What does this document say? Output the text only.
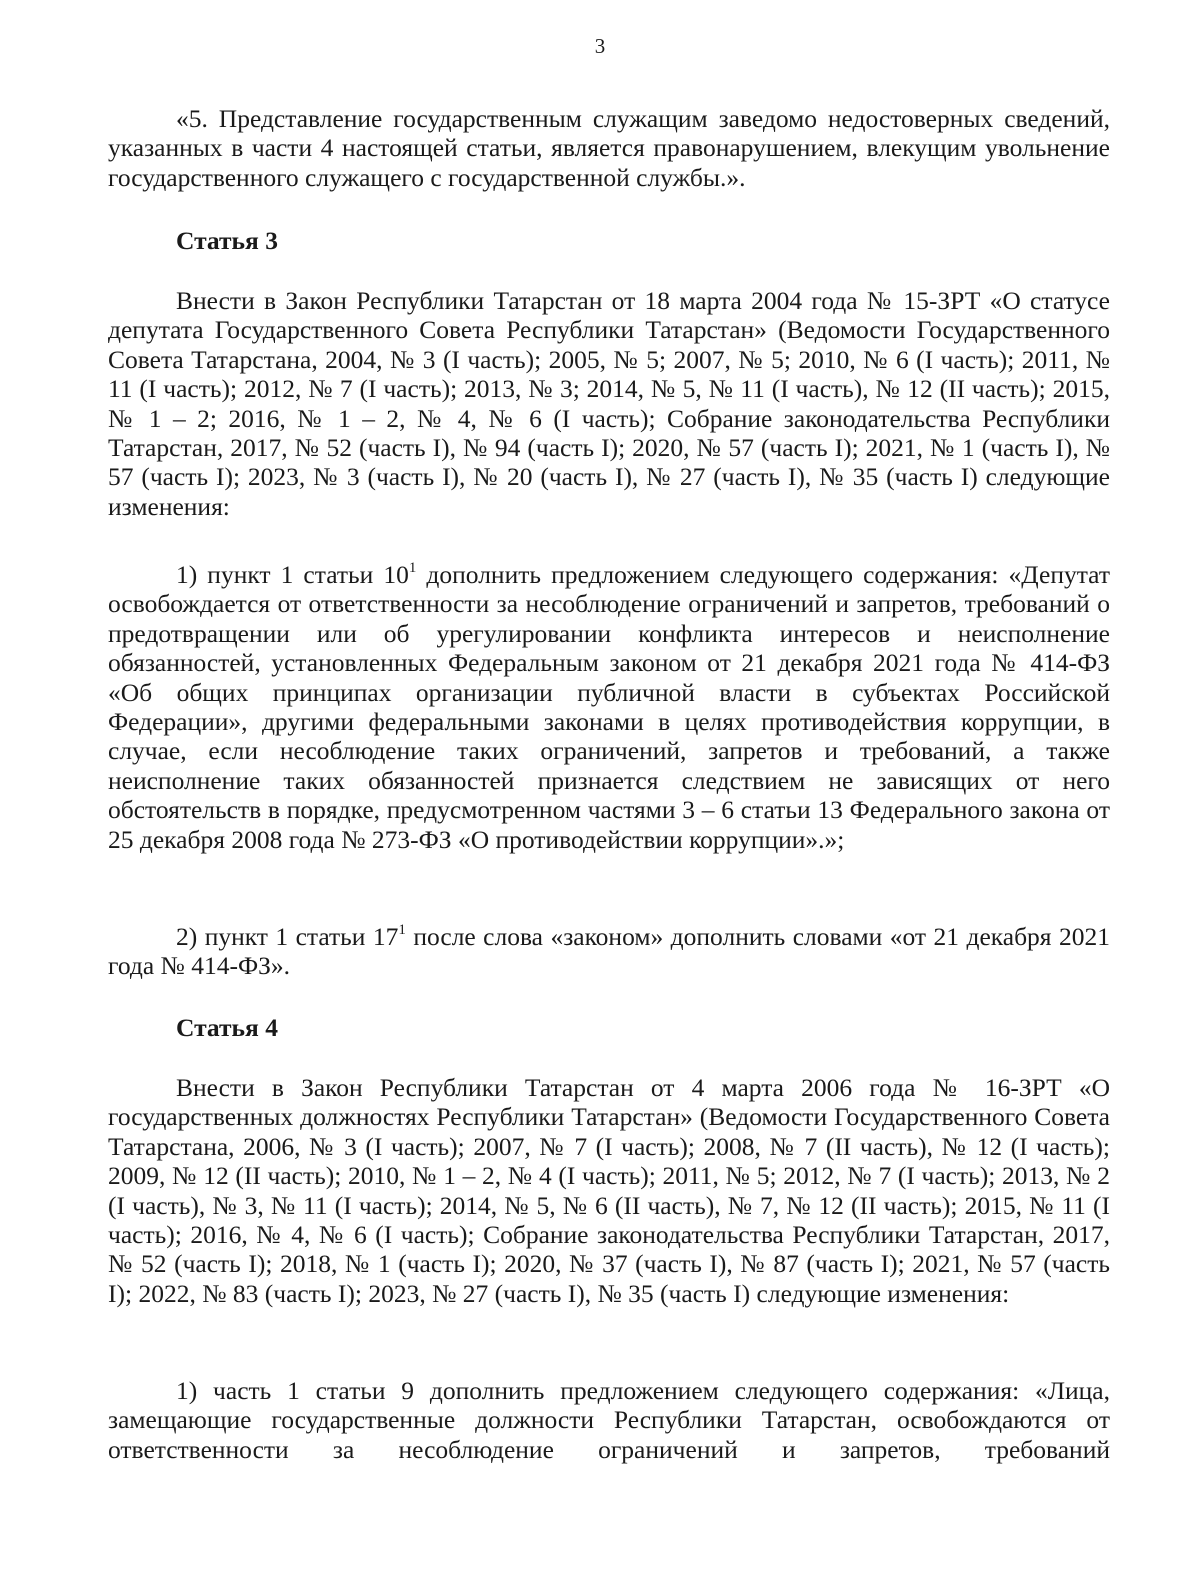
3

«5. Представление государственным служащим заведомо недостоверных сведений, указанных в части 4 настоящей статьи, является правонарушением, влекущим увольнение государственного служащего с государственной службы.».

Статья 3

Внести в Закон Республики Татарстан от 18 марта 2004 года № 15-ЗРТ «О статусе депутата Государственного Совета Республики Татарстан» (Ведомости Государственного Совета Татарстана, 2004, № 3 (I часть); 2005, № 5; 2007, № 5; 2010, № 6 (I часть); 2011, № 11 (I часть); 2012, № 7 (I часть); 2013, № 3; 2014, № 5, № 11 (I часть), № 12 (II часть); 2015, № 1 – 2; 2016, № 1 – 2, № 4, № 6 (I часть); Собрание законодательства Республики Татарстан, 2017, № 52 (часть I), № 94 (часть I); 2020, № 57 (часть I); 2021, № 1 (часть I), № 57 (часть I); 2023, № 3 (часть I), № 20 (часть I), № 27 (часть I), № 35 (часть I) следующие изменения:

1) пункт 1 статьи $10^1$ дополнить предложением следующего содержания: «Депутат освобождается от ответственности за несоблюдение ограничений и запретов, требований о предотвращении или об урегулировании конфликта интересов и неисполнение обязанностей, установленных Федеральным законом от 21 декабря 2021 года № 414-ФЗ «Об общих принципах организации публичной власти в субъектах Российской Федерации», другими федеральными законами в целях противодействия коррупции, в случае, если несоблюдение таких ограничений, запретов и требований, а также неисполнение таких обязанностей признается следствием не зависящих от него обстоятельств в порядке, предусмотренном частями 3 – 6 статьи 13 Федерального закона от 25 декабря 2008 года № 273-ФЗ «О противодействии коррупции».»;

2) пункт 1 статьи $17^1$ после слова «законом» дополнить словами «от 21 декабря 2021 года № 414-ФЗ».

Статья 4

Внести в Закон Республики Татарстан от 4 марта 2006 года № 16-ЗРТ «О государственных должностях Республики Татарстан» (Ведомости Государственного Совета Татарстана, 2006, № 3 (I часть); 2007, № 7 (I часть); 2008, № 7 (II часть), № 12 (I часть); 2009, № 12 (II часть); 2010, № 1 – 2, № 4 (I часть); 2011, № 5; 2012, № 7 (I часть); 2013, № 2 (I часть), № 3, № 11 (I часть); 2014, № 5, № 6 (II часть), № 7, № 12 (II часть); 2015, № 11 (I часть); 2016, № 4, № 6 (I часть); Собрание законодательства Республики Татарстан, 2017, № 52 (часть I); 2018, № 1 (часть I); 2020, № 37 (часть I), № 87 (часть I); 2021, № 57 (часть I); 2022, № 83 (часть I); 2023, № 27 (часть I), № 35 (часть I) следующие изменения:

1) часть 1 статьи 9 дополнить предложением следующего содержания: «Лица, замещающие государственные должности Республики Татарстан, освобождаются от ответственности за несоблюдение ограничений и запретов, требований
